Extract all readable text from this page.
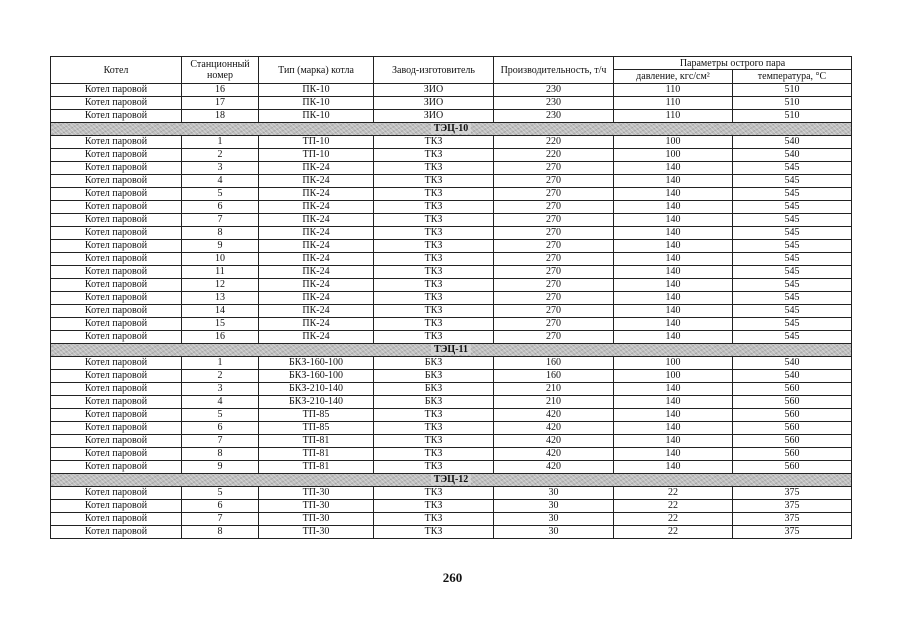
Котел	Станционный номер	Тип (марка) котла	Завод-изготовитель	Производительность, т/ч	Параметры острого пара	
					давление, кгс/см²	температура, °С
Котел паровой	16	ПК-10	ЗИО	230	110	510
Котел паровой	17	ПК-10	ЗИО	230	110	510
Котел паровой	18	ПК-10	ЗИО	230	110	510
ТЭЦ-10						
Котел паровой	1	ТП-10	ТКЗ	220	100	540
Котел паровой	2	ТП-10	ТКЗ	220	100	540
Котел паровой	3	ПК-24	ТКЗ	270	140	545
Котел паровой	4	ПК-24	ТКЗ	270	140	545
Котел паровой	5	ПК-24	ТКЗ	270	140	545
Котел паровой	6	ПК-24	ТКЗ	270	140	545
Котел паровой	7	ПК-24	ТКЗ	270	140	545
Котел паровой	8	ПК-24	ТКЗ	270	140	545
Котел паровой	9	ПК-24	ТКЗ	270	140	545
Котел паровой	10	ПК-24	ТКЗ	270	140	545
Котел паровой	11	ПК-24	ТКЗ	270	140	545
Котел паровой	12	ПК-24	ТКЗ	270	140	545
Котел паровой	13	ПК-24	ТКЗ	270	140	545
Котел паровой	14	ПК-24	ТКЗ	270	140	545
Котел паровой	15	ПК-24	ТКЗ	270	140	545
Котел паровой	16	ПК-24	ТКЗ	270	140	545
ТЭЦ-11						
Котел паровой	1	БКЗ-160-100	БКЗ	160	100	540
Котел паровой	2	БКЗ-160-100	БКЗ	160	100	540
Котел паровой	3	БКЗ-210-140	БКЗ	210	140	560
Котел паровой	4	БКЗ-210-140	БКЗ	210	140	560
Котел паровой	5	ТП-85	ТКЗ	420	140	560
Котел паровой	6	ТП-85	ТКЗ	420	140	560
Котел паровой	7	ТП-81	ТКЗ	420	140	560
Котел паровой	8	ТП-81	ТКЗ	420	140	560
Котел паровой	9	ТП-81	ТКЗ	420	140	560
ТЭЦ-12						
Котел паровой	5	ТП-30	ТКЗ	30	22	375
Котел паровой	6	ТП-30	ТКЗ	30	22	375
Котел паровой	7	ТП-30	ТКЗ	30	22	375
Котел паровой	8	ТП-30	ТКЗ	30	22	375
260
